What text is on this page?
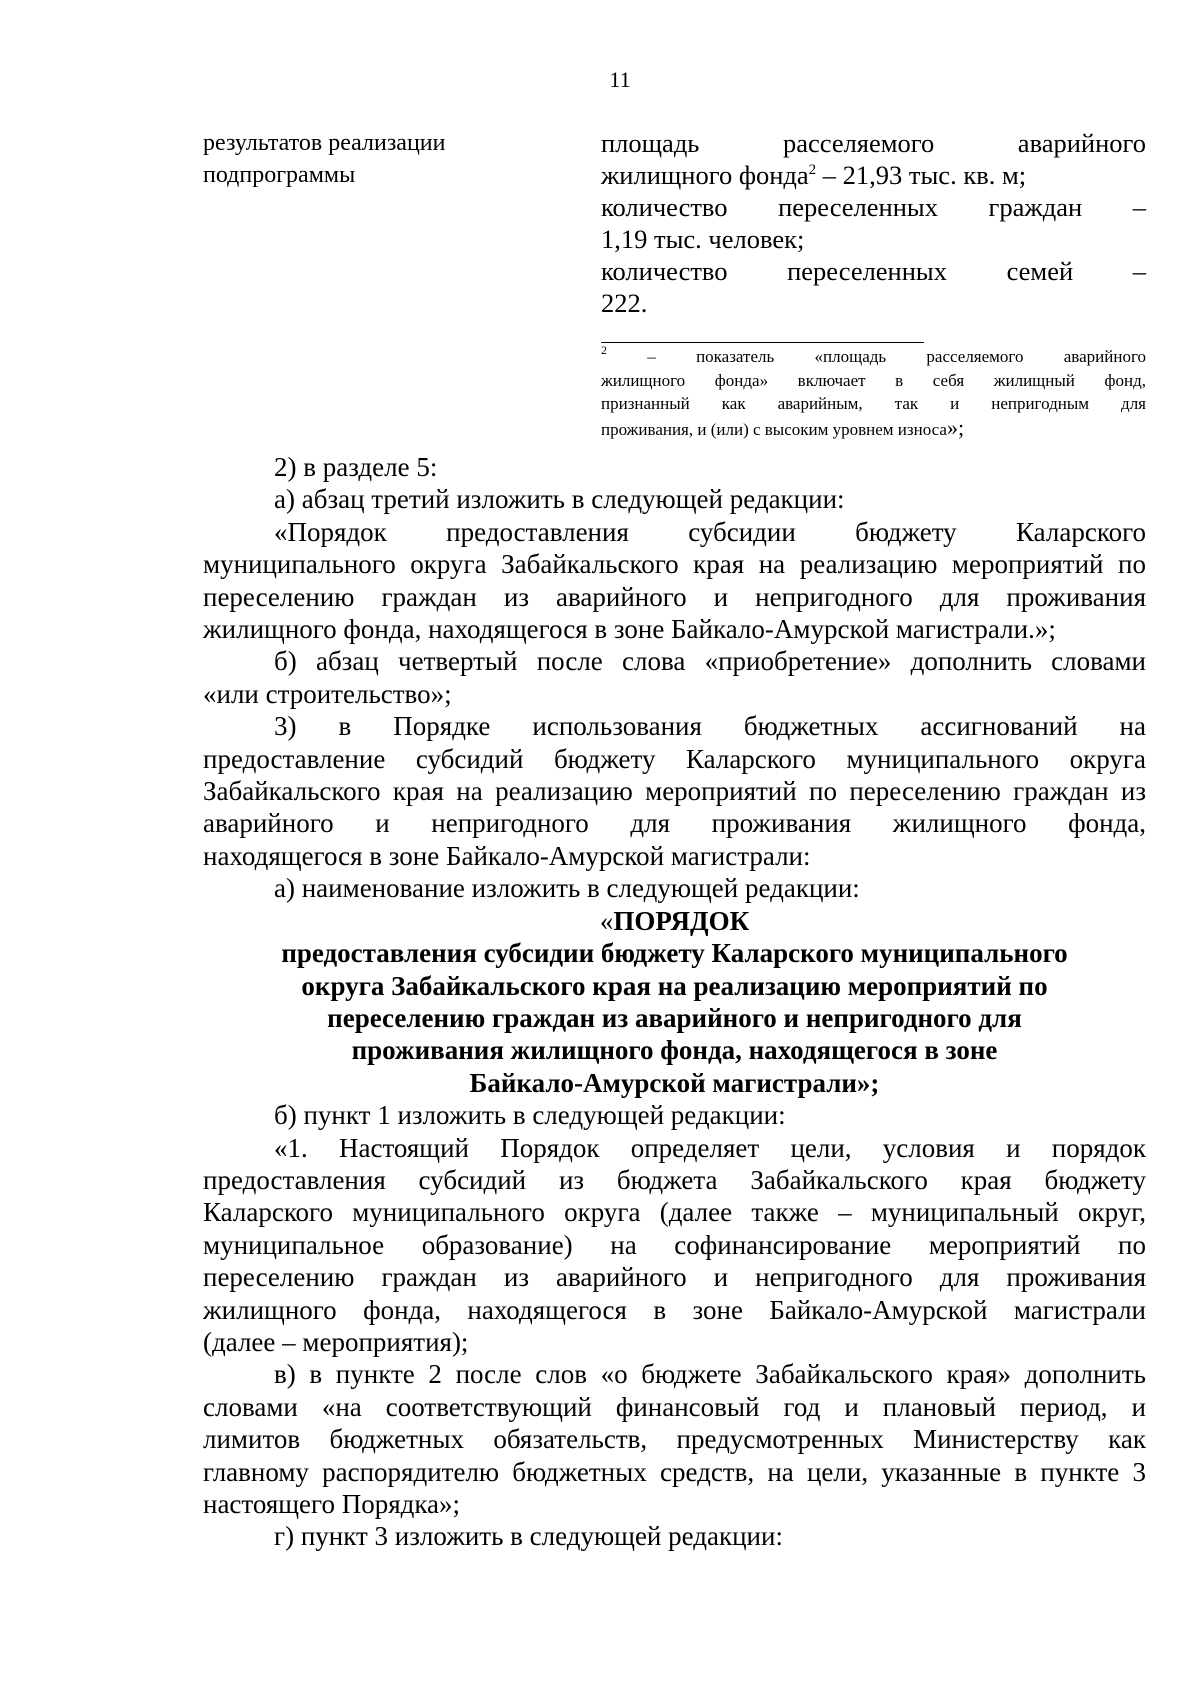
11
результатов реализации
подпрограммы
площадь расселяемого аварийного
жилищного фонда$^2$ – 21,93 тыс. кв. м;
количество переселенных граждан –
1,19 тыс. человек;
количество переселенных семей –
222.
$^2$ – показатель «площадь расселяемого аварийного
жилищного фонда» включает в себя жилищный фонд,
признанный как аварийным, так и непригодным для
проживания, и (или) с высоким уровнем износа»;
2) в разделе 5:
а) абзац третий изложить в следующей редакции:
«Порядок предоставления субсидии бюджету Каларского
муниципального округа Забайкальского края на реализацию мероприятий по
переселению граждан из аварийного и непригодного для проживания
жилищного фонда, находящегося в зоне Байкало-Амурской магистрали.»;
б) абзац четвертый после слова «приобретение» дополнить словами
«или строительство»;
3) в Порядке использования бюджетных ассигнований на
предоставление субсидий бюджету Каларского муниципального округа
Забайкальского края на реализацию мероприятий по переселению граждан из
аварийного и непригодного для проживания жилищного фонда,
находящегося в зоне Байкало-Амурской магистрали:
а) наименование изложить в следующей редакции:
«ПОРЯДОК
предоставления субсидии бюджету Каларского муниципального
округа Забайкальского края на реализацию мероприятий по
переселению граждан из аварийного и непригодного для
проживания жилищного фонда, находящегося в зоне
Байкало-Амурской магистрали»;
б) пункт 1 изложить в следующей редакции:
«1. Настоящий Порядок определяет цели, условия и порядок
предоставления субсидий из бюджета Забайкальского края бюджету
Каларского муниципального округа (далее также – муниципальный округ,
муниципальное образование) на софинансирование мероприятий по
переселению граждан из аварийного и непригодного для проживания
жилищного фонда, находящегося в зоне Байкало-Амурской магистрали
(далее – мероприятия);
в) в пункте 2 после слов «о бюджете Забайкальского края» дополнить
словами «на соответствующий финансовый год и плановый период, и
лимитов бюджетных обязательств, предусмотренных Министерству как
главному распорядителю бюджетных средств, на цели, указанные в пункте 3
настоящего Порядка»;
г) пункт 3 изложить в следующей редакции:
